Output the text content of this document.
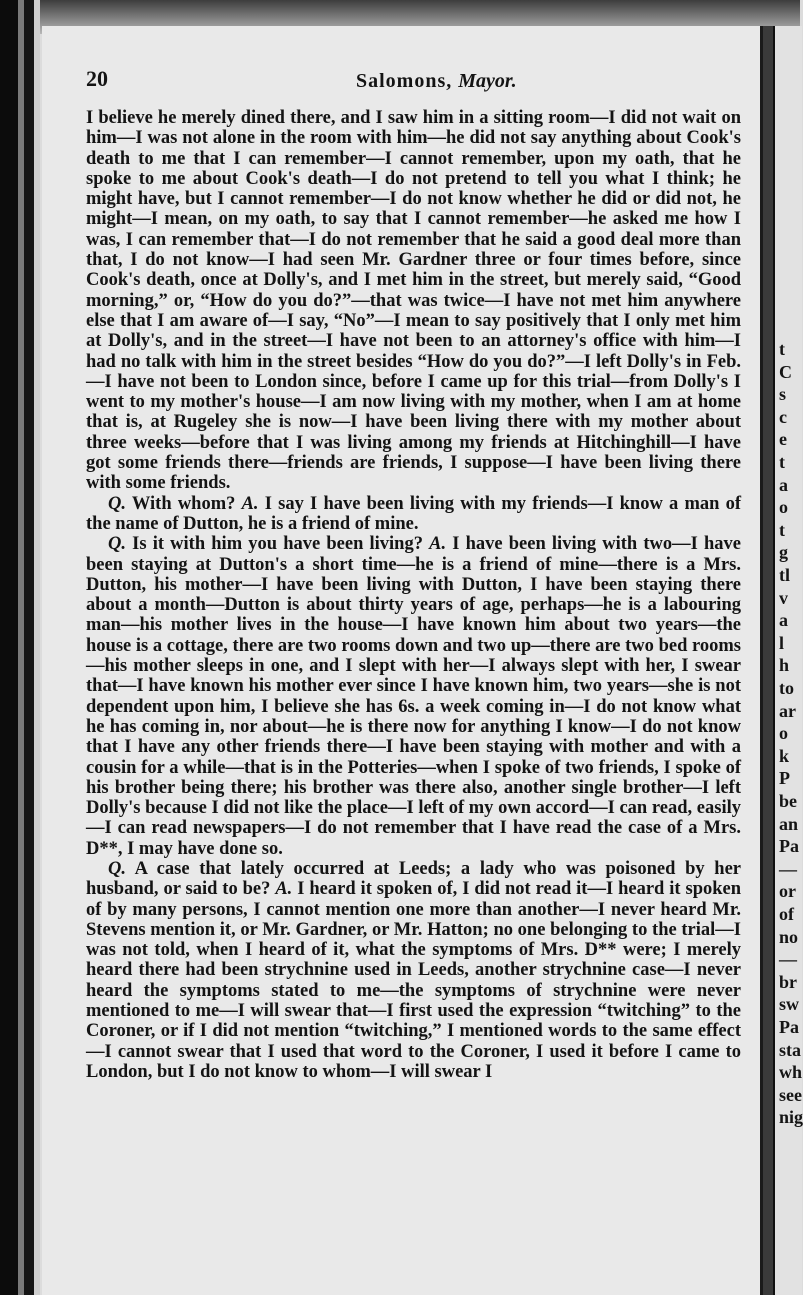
20	Salomons, Mayor.

I believe he merely dined there, and I saw him in a sitting room—I did not wait on him—I was not alone in the room with him—he did not say anything about Cook's death to me that I can remember—I cannot remember, upon my oath, that he spoke to me about Cook's death—I do not pretend to tell you what I think; he might have, but I cannot remember—I do not know whether he did or did not, he might—I mean, on my oath, to say that I cannot remember—he asked me how I was, I can remember that—I do not remember that he said a good deal more than that, I do not know—I had seen Mr. Gardner three or four times before, since Cook's death, once at Dolly's, and I met him in the street, but merely said, “Good morning,” or, “How do you do?”—that was twice—I have not met him anywhere else that I am aware of—I say, “No”—I mean to say positively that I only met him at Dolly's, and in the street—I have not been to an attorney's office with him—I had no talk with him in the street besides “How do you do?”—I left Dolly's in Feb.—I have not been to London since, before I came up for this trial—from Dolly's I went to my mother's house—I am now living with my mother, when I am at home that is, at Rugeley she is now—I have been living there with my mother about three weeks—before that I was living among my friends at Hitchinghill—I have got some friends there—friends are friends, I suppose—I have been living there with some friends.

Q. With whom? A. I say I have been living with my friends—I know a man of the name of Dutton, he is a friend of mine.

Q. Is it with him you have been living? A. I have been living with two—I have been staying at Dutton's a short time—he is a friend of mine—there is a Mrs. Dutton, his mother—I have been living with Dutton, I have been staying there about a month—Dutton is about thirty years of age, perhaps—he is a labouring man—his mother lives in the house—I have known him about two years—the house is a cottage, there are two rooms down and two up—there are two bed rooms—his mother sleeps in one, and I slept with her—I always slept with her, I swear that—I have known his mother ever since I have known him, two years—she is not dependent upon him, I believe she has 6s. a week coming in—I do not know what he has coming in, nor about—he is there now for anything I know—I do not know that I have any other friends there—I have been staying with mother and with a cousin for a while—that is in the Potteries—when I spoke of two friends, I spoke of his brother being there; his brother was there also, another single brother—I left Dolly's because I did not like the place—I left of my own accord—I can read, easily—I can read newspapers—I do not remember that I have read the case of a Mrs. D**, I may have done so.

Q. A case that lately occurred at Leeds; a lady who was poisoned by her husband, or said to be? A. I heard it spoken of, I did not read it—I heard it spoken of by many persons, I cannot mention one more than another—I never heard Mr. Stevens mention it, or Mr. Gardner, or Mr. Hatton; no one belonging to the trial—I was not told, when I heard of it, what the symptoms of Mrs. D** were; I merely heard there had been strychnine used in Leeds, another strychnine case—I never heard the symptoms stated to me—the symptoms of strychnine were never mentioned to me—I will swear that—I first used the expression “twitching” to the Coroner, or if I did not mention “twitching,” I mentioned words to the same effect—I cannot swear that I used that word to the Coroner, I used it before I came to London, but I do not know to whom—I will swear I

t
C
s
c
e
t
a
o
t
g
tl
v
a
l
h
to
ar
o
k
P
be
an
Pa
—
or
of
no
—
br
sw
Pa
sta
wh
see
nig
